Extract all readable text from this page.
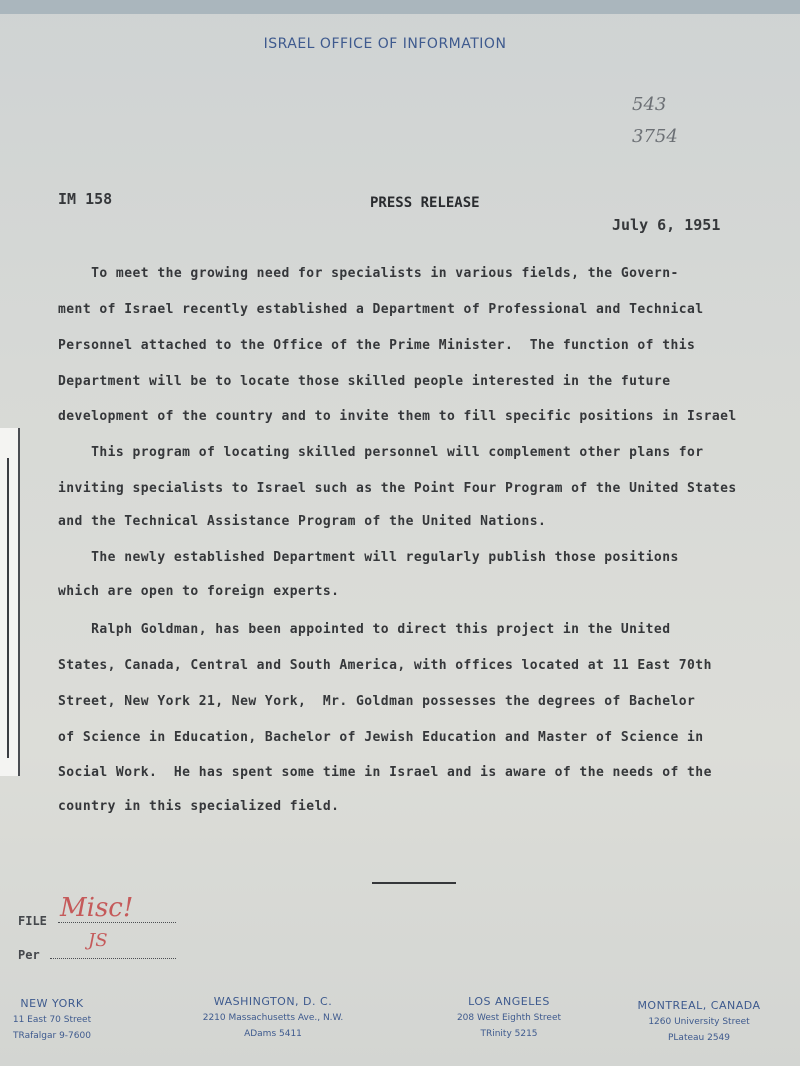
ISRAEL OFFICE OF INFORMATION
543
3754
IM 158	PRESS RELEASE
July 6, 1951
To meet the growing need for specialists in various fields, the Govern-
ment of Israel recently established a Department of Professional and Technical
Personnel attached to the Office of the Prime Minister.  The function of this
Department will be to locate those skilled people interested in the future
development of the country and to invite them to fill specific positions in Israel
This program of locating skilled personnel will complement other plans for
inviting specialists to Israel such as the Point Four Program of the United States
and the Technical Assistance Program of the United Nations.
The newly established Department will regularly publish those positions
which are open to foreign experts.
Ralph Goldman, has been appointed to direct this project in the United
States, Canada, Central and South America, with offices located at 11 East 70th
Street, New York 21, New York,  Mr. Goldman possesses the degrees of Bachelor
of Science in Education, Bachelor of Jewish Education and Master of Science in
Social Work.  He has spent some time in Israel and is aware of the needs of the
country in this specialized field.
FILE Misc!
Per
JS
NEW YORK
11 East 70 Street
TRafalgar 9-7600
WASHINGTON, D. C.
2210 Massachusetts Ave., N.W.
ADams 5411
LOS ANGELES
208 West Eighth Street
TRinity 5215
MONTREAL, CANADA
1260 University Street
PLateau 2549
